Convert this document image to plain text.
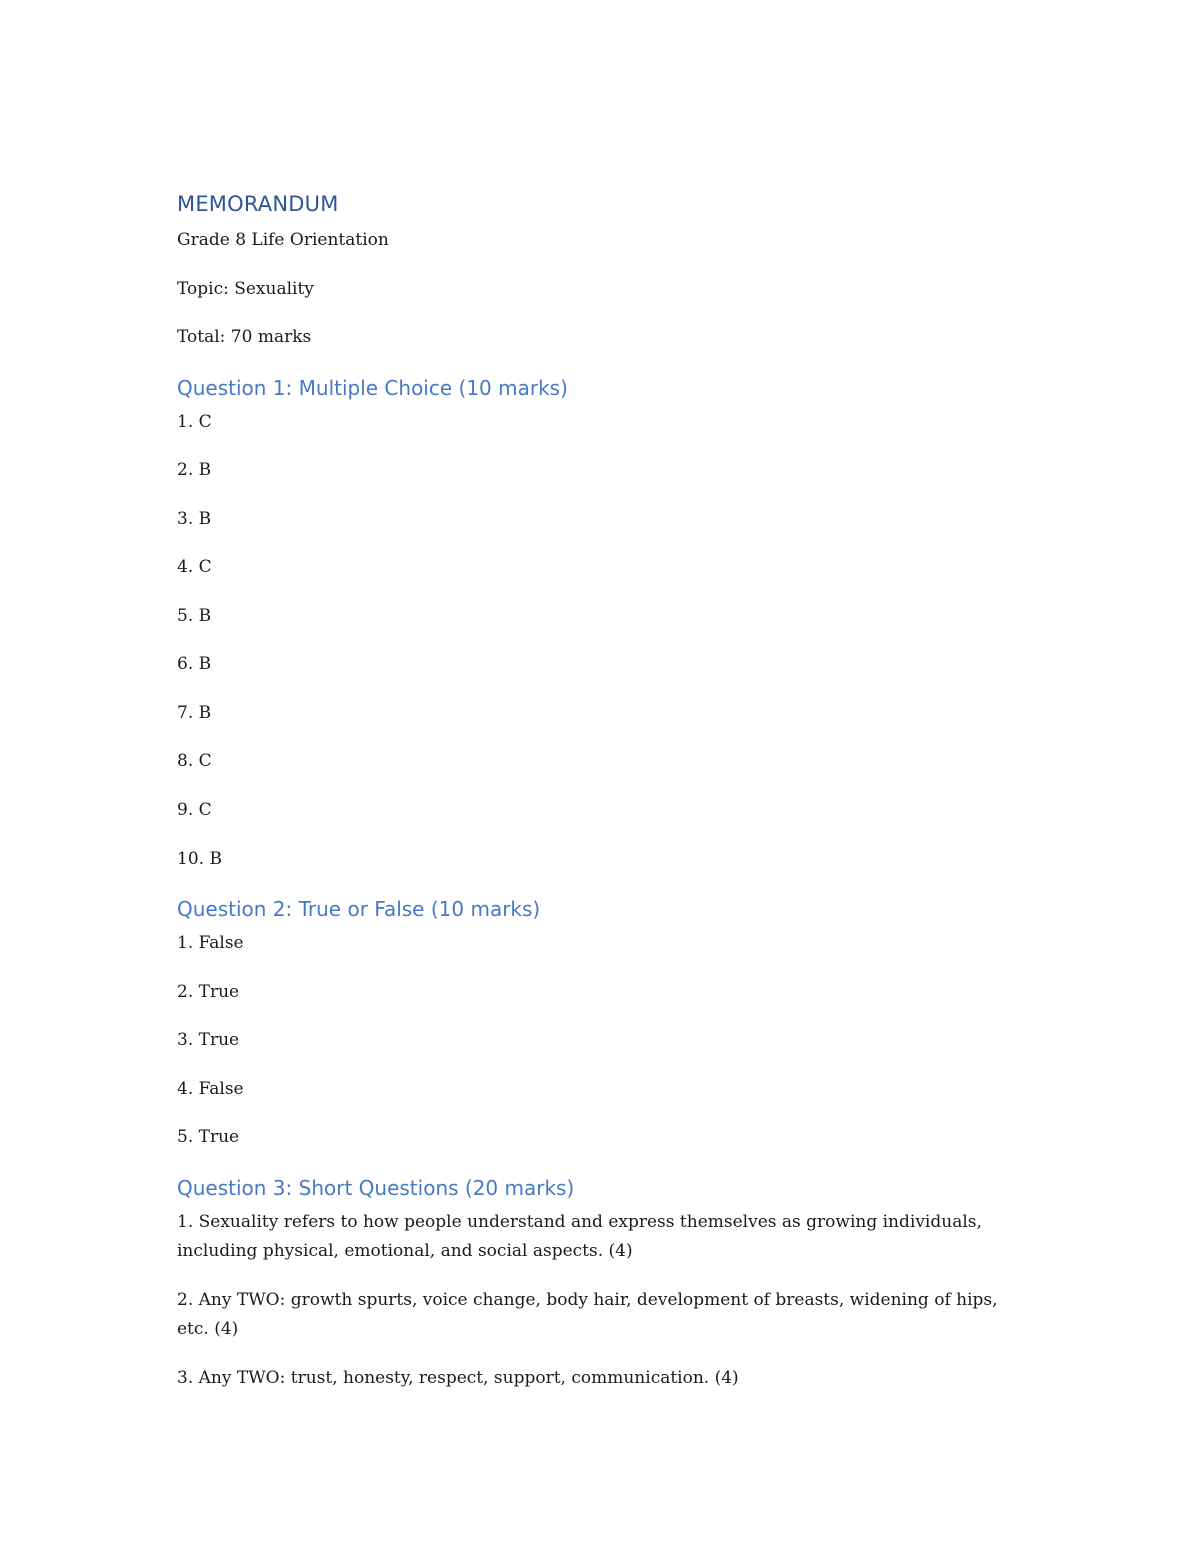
MEMORANDUM

Grade 8 Life Orientation

Topic: Sexuality

Total: 70 marks

Question 1: Multiple Choice (10 marks)

1. C

2. B

3. B

4. C

5. B

6. B

7. B

8. C

9. C

10. B

Question 2: True or False (10 marks)

1. False

2. True

3. True

4. False

5. True

Question 3: Short Questions (20 marks)

1. Sexuality refers to how people understand and express themselves as growing individuals, including physical, emotional, and social aspects. (4)

2. Any TWO: growth spurts, voice change, body hair, development of breasts, widening of hips, etc. (4)

3. Any TWO: trust, honesty, respect, support, communication. (4)
